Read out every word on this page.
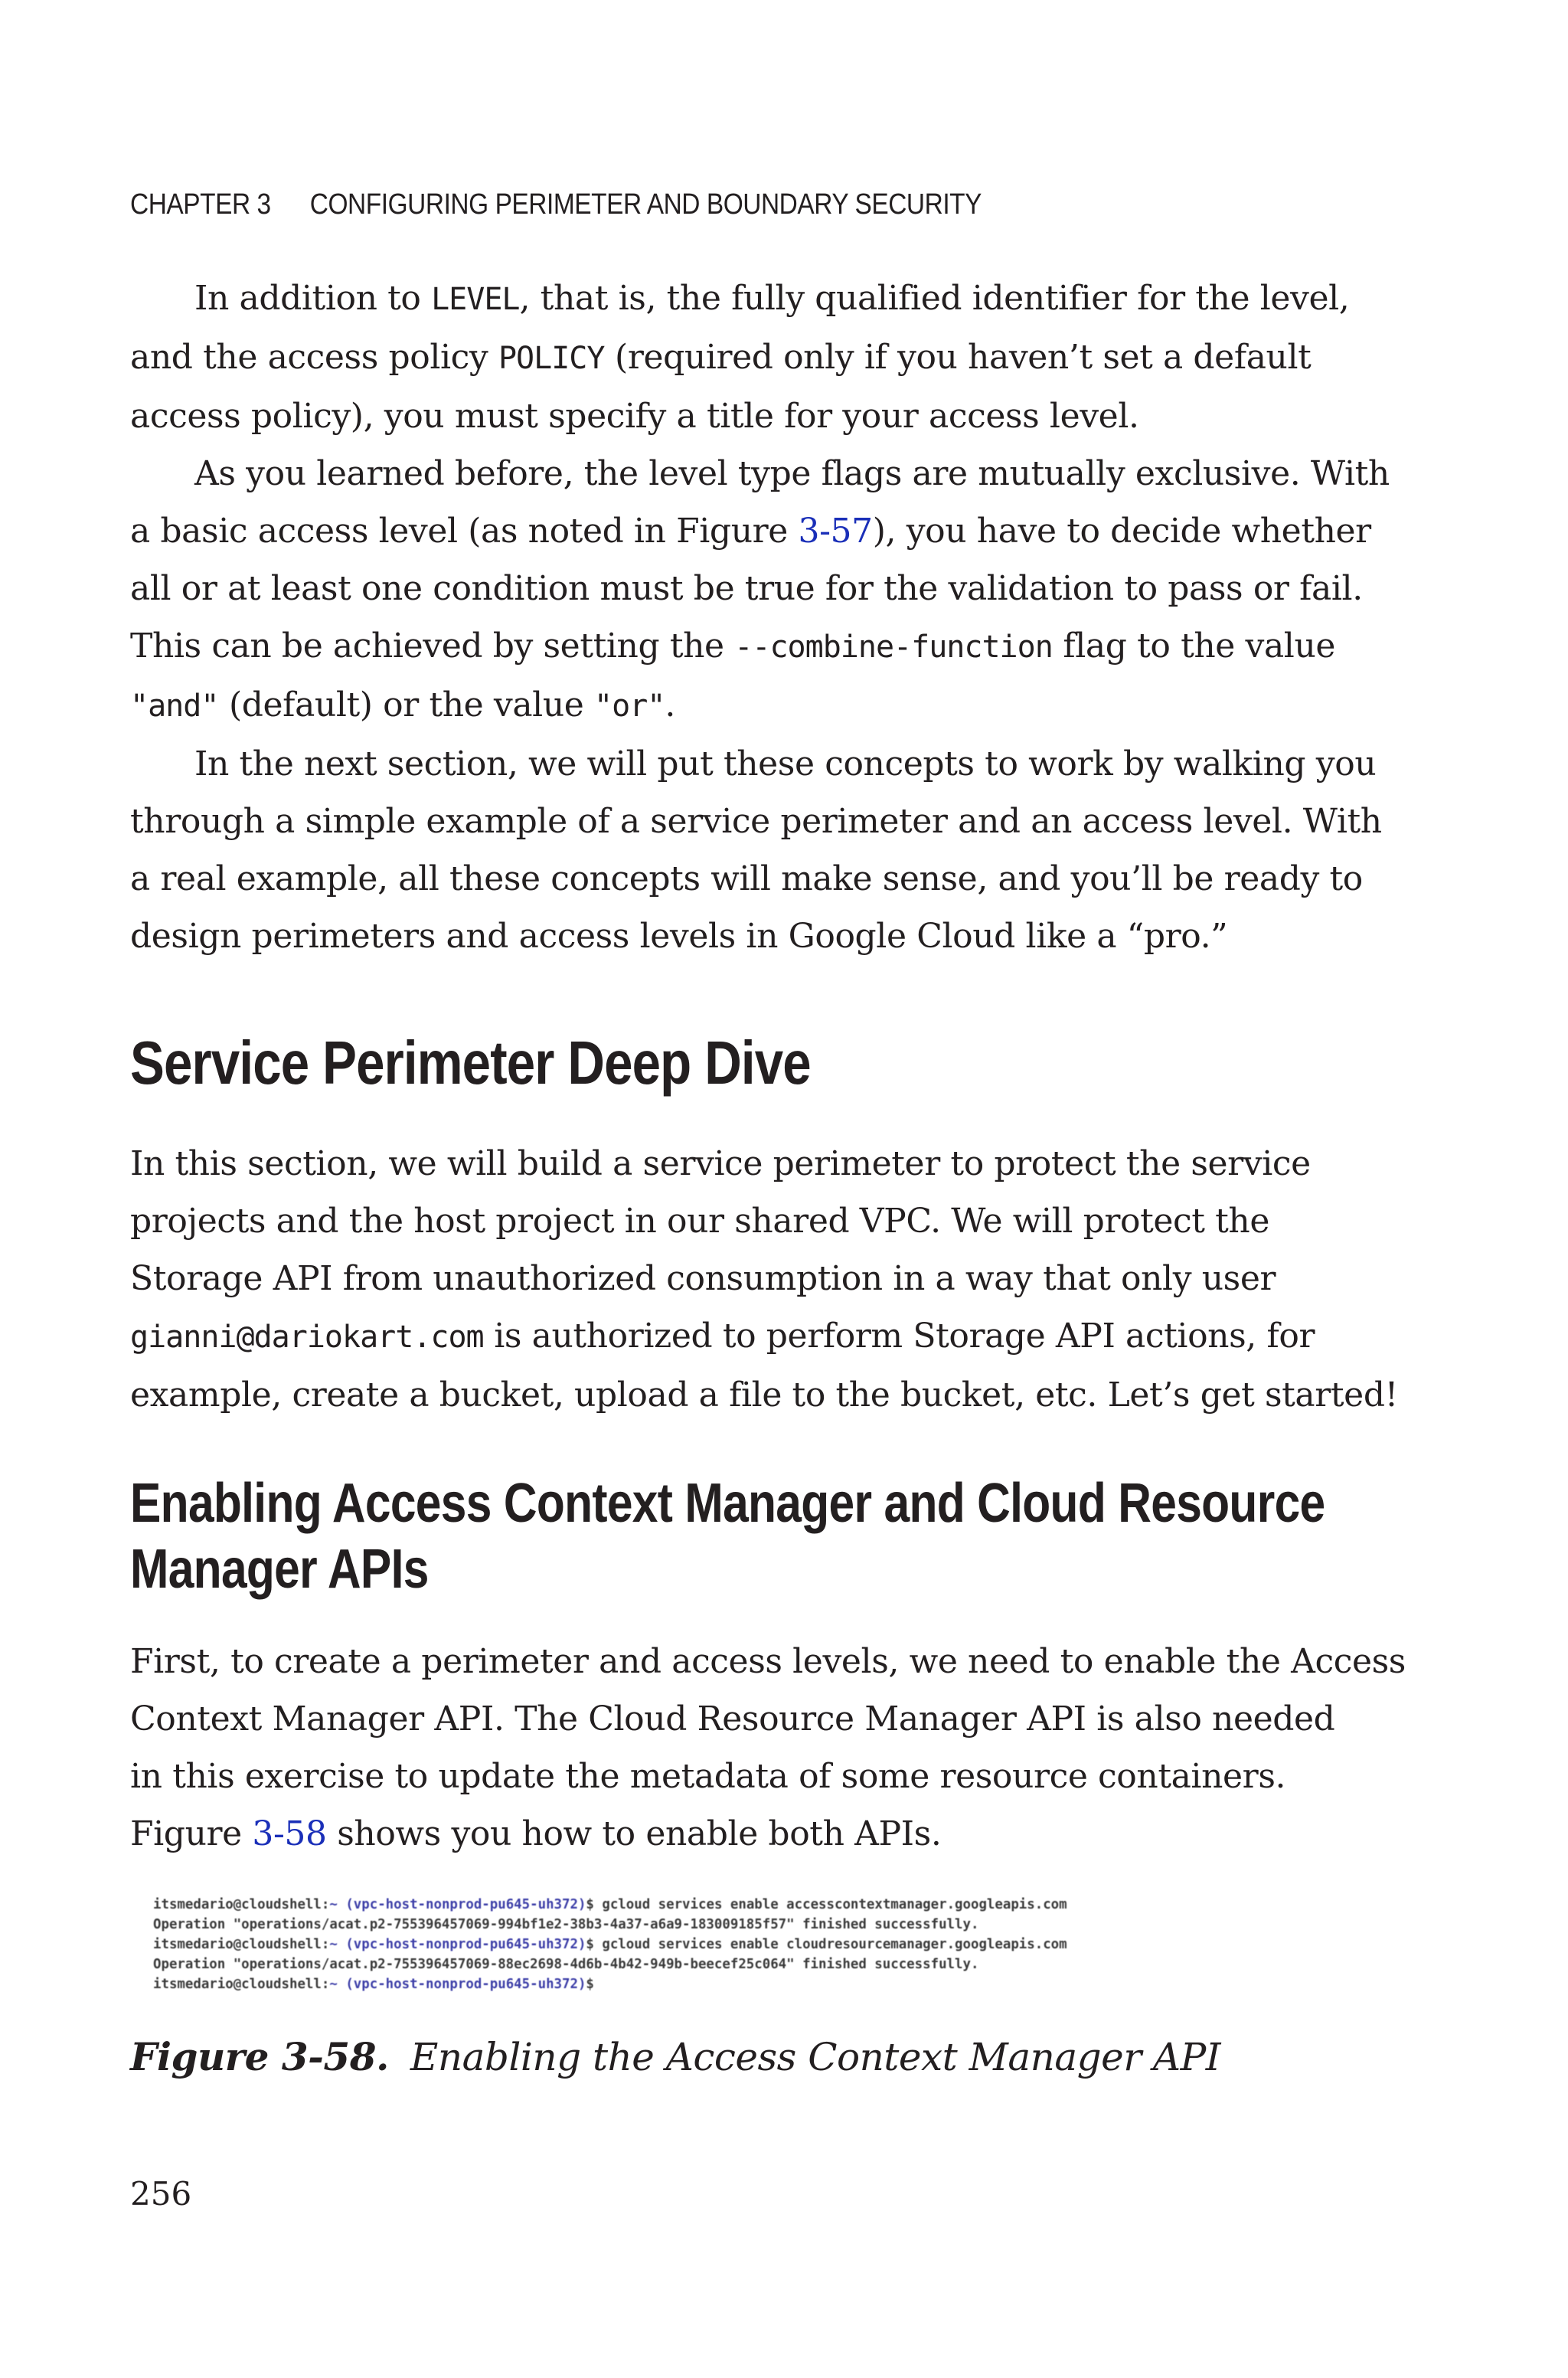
CHAPTER 3 CONFIGURING PERIMETER AND BOUNDARY SECURITY

In addition to LEVEL, that is, the fully qualified identifier for the level,

and the access policy POLICY (required only if you haven’t set a default

access policy), you must specify a title for your access level.

As you learned before, the level type flags are mutually exclusive. With

a basic access level (as noted in Figure 3-57), you have to decide whether

all or at least one condition must be true for the validation to pass or fail.

This can be achieved by setting the --combine-function flag to the value

"and" (default) or the value "or".

In the next section, we will put these concepts to work by walking you

through a simple example of a service perimeter and an access level. With

a real example, all these concepts will make sense, and you’ll be ready to

design perimeters and access levels in Google Cloud like a “pro.”

Service Perimeter Deep Dive

In this section, we will build a service perimeter to protect the service

projects and the host project in our shared VPC. We will protect the

Storage API from unauthorized consumption in a way that only user

gianni@dariokart.com is authorized to perform Storage API actions, for

example, create a bucket, upload a file to the bucket, etc. Let’s get started!

Enabling Access Context Manager and Cloud Resource
Manager APIs

First, to create a perimeter and access levels, we need to enable the Access

Context Manager API. The Cloud Resource Manager API is also needed

in this exercise to update the metadata of some resource containers.

Figure 3-58 shows you how to enable both APIs.

itsmedario@cloudshell:~ (vpc-host-nonprod-pu645-uh372)$ gcloud services enable accesscontextmanager.googleapis.com
Operation "operations/acat.p2-755396457069-994bf1e2-38b3-4a37-a6a9-183009185f57" finished successfully.
itsmedario@cloudshell:~ (vpc-host-nonprod-pu645-uh372)$ gcloud services enable cloudresourcemanager.googleapis.com
Operation "operations/acat.p2-755396457069-88ec2698-4d6b-4b42-949b-beecef25c064" finished successfully.
itsmedario@cloudshell:~ (vpc-host-nonprod-pu645-uh372)$
Figure 3-58. Enabling the Access Context Manager API
256
